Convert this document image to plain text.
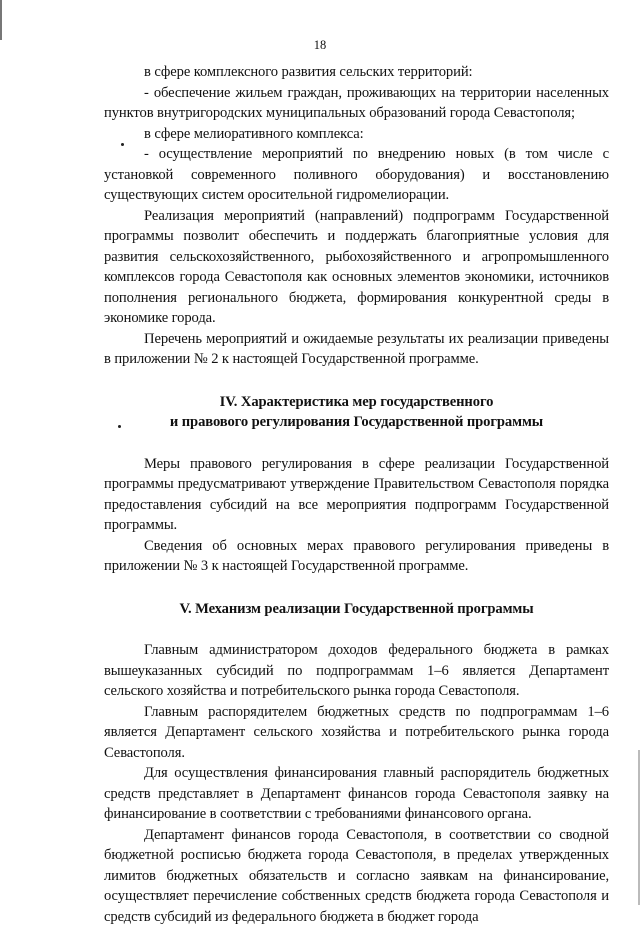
18

в сфере комплексного развития сельских территорий:

- обеспечение жильем граждан, проживающих на территории населенных пунктов внутригородских муниципальных образований города Севастополя;

в сфере мелиоративного комплекса:

- осуществление мероприятий по внедрению новых (в том числе с установкой современного поливного оборудования) и восстановлению существующих систем оросительной гидромелиорации.

Реализация мероприятий (направлений) подпрограмм Государственной программы позволит обеспечить и поддержать благоприятные условия для развития сельскохозяйственного, рыбохозяйственного и агропромышленного комплексов города Севастополя как основных элементов экономики, источников пополнения регионального бюджета, формирования конкурентной среды в экономике города.

Перечень мероприятий и ожидаемые результаты их реализации приведены в приложении № 2 к настоящей Государственной программе.

IV. Характеристика мер государственного

и правового регулирования Государственной программы

Меры правового регулирования в сфере реализации Государственной программы предусматривают утверждение Правительством Севастополя порядка предоставления субсидий на все мероприятия подпрограмм Государственной программы.

Сведения об основных мерах правового регулирования приведены в приложении № 3 к настоящей Государственной программе.

V. Механизм реализации Государственной программы

Главным администратором доходов федерального бюджета в рамках вышеуказанных субсидий по подпрограммам 1–6 является Департамент сельского хозяйства и потребительского рынка города Севастополя.

Главным распорядителем бюджетных средств по подпрограммам 1–6 является Департамент сельского хозяйства и потребительского рынка города Севастополя.

Для осуществления финансирования главный распорядитель бюджетных средств представляет в Департамент финансов города Севастополя заявку на финансирование в соответствии с требованиями финансового органа.

Департамент финансов города Севастополя, в соответствии со сводной бюджетной росписью бюджета города Севастополя, в пределах утвержденных лимитов бюджетных обязательств и согласно заявкам на финансирование, осуществляет перечисление собственных средств бюджета города Севастополя и средств субсидий из федерального бюджета в бюджет города
